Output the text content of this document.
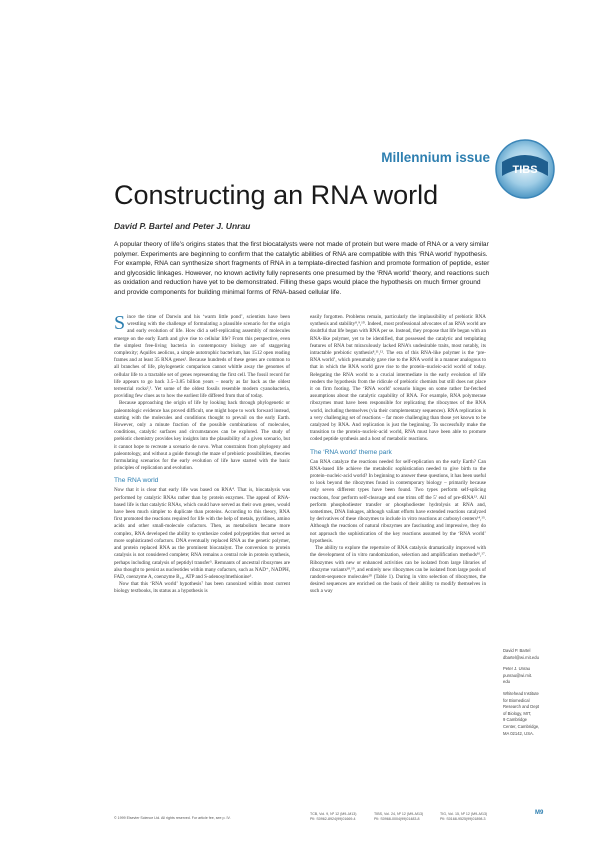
Millennium issue
TIBS
Constructing an RNA world
David P. Bartel and Peter J. Unrau

A popular theory of life’s origins states that the first biocatalysts were not made of protein but were made of RNA or a very similar polymer. Experiments are beginning to confirm that the catalytic abilities of RNA are compatible with this ‘RNA world’ hypothesis. For example, RNA can synthesize short fragments of RNA in a template-directed fashion and promote formation of peptide, ester and glycosidic linkages. However, no known activity fully represents one presumed by the ‘RNA world’ theory, and reactions such as oxidation and reduction have yet to be demonstrated. Filling these gaps would place the hypothesis on much firmer ground and provide components for building minimal forms of RNA-based cellular life.

Since the time of Darwin and his ‘warm little pond’, scientists have been wrestling with the challenge of formulating a plausible scenario for the origin and early evolution of life. How did a self-replicating assembly of molecules emerge on the early Earth and give rise to cellular life? From this perspective, even the simplest free-living bacteria in contemporary biology are of staggering complexity; Aquifex aeolicus, a simple autotrophic bacterium, has 1512 open reading frames and at least 35 RNA genes¹. Because hundreds of these genes are common to all branches of life, phylogenetic comparison cannot whittle away the genomes of cellular life to a tractable set of genes representing the first cell. The fossil record for life appears to go back 3.5–3.85 billion years – nearly as far back as the oldest terrestrial rocks²,³. Yet some of the oldest fossils resemble modern cyanobacteria, providing few clues as to how the earliest life differed from that of today.

Because approaching the origin of life by looking back through phylogenetic or paleontologic evidence has proved difficult, one might hope to work forward instead, starting with the molecules and conditions thought to prevail on the early Earth. However, only a minute fraction of the possible combinations of molecules, conditions, catalytic surfaces and circumstances can be explored. The study of prebiotic chemistry provides key insights into the plausibility of a given scenario, but it cannot hope to recreate a scenario de novo. What constraints from phylogeny and paleontology, and without a guide through the maze of prebiotic possibilities, theories formulating scenarios for the early evolution of life have started with the basic principles of replication and evolution.

The RNA world

Now that it is clear that early life was based on RNA⁴. That is, biocatalysis was performed by catalytic RNAs rather than by protein enzymes. The appeal of RNA-based life is that catalytic RNAs, which could have served as their own genes, would have been much simpler to duplicate than proteins. According to this theory, RNA first promoted the reactions required for life with the help of metals, pyridines, amino acids and other small-molecule cofactors. Then, as metabolism became more complex, RNA developed the ability to synthesize coded polypeptides that served as more sophisticated cofactors. DNA eventually replaced RNA as the genetic polymer, and protein replaced RNA as the prominent biocatalyst. The conversion to protein catalysis is not considered complete; RNA remains a central role in protein synthesis, perhaps including catalysis of peptidyl transfer⁵. Remnants of ancestral ribozymes are also thought to persist as nucleotides within many cofactors, such as NAD⁺, NADPH, FAD, coenzyme A, coenzyme B₁₂, ATP and S-adenosylmethionine⁶.

Now that this ‘RNA world’ hypothesis⁷ has been canonized within most current biology textbooks, its status as a hypothesis is

easily forgotten. Problems remain, particularly the implausibility of prebiotic RNA synthesis and stability⁸,⁹,¹⁰. Indeed, most professional advocates of an RNA world are doubtful that life began with RNA per se. Instead, they propose that life began with an RNA-like polymer, yet to be identified, that possessed the catalytic and templating features of RNA but miraculously lacked RNA’s undesirable traits, most notably, its intractable prebiotic synthesis⁸,¹¹,¹². The era of this RNA-like polymer is the ‘pre-RNA world’, which presumably gave rise to the RNA world in a manner analogous to that in which the RNA world gave rise to the protein–nucleic-acid world of today. Relegating the RNA world to a crucial intermediate in the early evolution of life renders the hypothesis from the ridicule of prebiotic chemists but still does not place it on firm footing. The ‘RNA world’ scenario hinges on some rather far-fetched assumptions about the catalytic capability of RNA. For example, RNA polymerase ribozymes must have been responsible for replicating the ribozymes of the RNA world, including themselves (via their complementary sequences). RNA replication is a very challenging set of reactions – far more challenging than those yet known to be catalyzed by RNA. And replication is just the beginning. To successfully make the transition to the protein–nucleic-acid world, RNA must have been able to promote coded peptide synthesis and a host of metabolic reactions.

The ‘RNA world’ theme park

Can RNA catalyze the reactions needed for self-replication on the early Earth? Can RNA-based life achieve the metabolic sophistication needed to give birth to the protein–nucleic-acid world? In beginning to answer these questions, it has been useful to look beyond the ribozymes found in contemporary biology – primarily because only seven different types have been found. Two types perform self-splicing reactions, four perform self-cleavage and one trims off the 5′ end of pre-tRNA¹³. All perform phosphodiester transfer or phosphodiester hydrolysis at RNA and, sometimes, DNA linkages, although valiant efforts have extended reactions catalyzed by derivatives of these ribozymes to include in vitro reactions at carbonyl centers¹⁴,¹⁵. Although the reactions of natural ribozymes are fascinating and impressive, they do not approach the sophistication of the key reactions assumed by the ‘RNA world’ hypothesis.

The ability to explore the repertoire of RNA catalysis dramatically improved with the development of in vitro randomization, selection and amplification methods¹⁶,¹⁷. Ribozymes with new or enhanced activities can be isolated from large libraries of ribozyme variants¹⁸,¹⁹, and entirely new ribozymes can be isolated from large pools of random-sequence molecules²⁰ (Table 1). During in vitro selection of ribozymes, the desired sequences are enriched on the basis of their ability to modify themselves in such a way

David P. Bartel
dbartel@wi.mit.edu
Peter J. Unrau
punrau@wi.mit.
edu
Whitehead Institute
for Biomedical
Research and Dept
of Biology, MIT,
9 Cambridge
Center, Cambridge,
MA 02142, USA.
© 1999 Elsevier Science Ltd. All rights reserved. For article fee, see p. IV.
TCB, Vol. 9, Nº 12 (M9–M13)	TIBS, Vol. 24, Nº 12 (M9–M13)	TIG, Vol. 15, Nº 12 (M9–M13)
PII: S0962-8924(99)01669-4	PII: S0968-0004(99)01483-8	PII: S0168-9525(99)01898-3
M9
